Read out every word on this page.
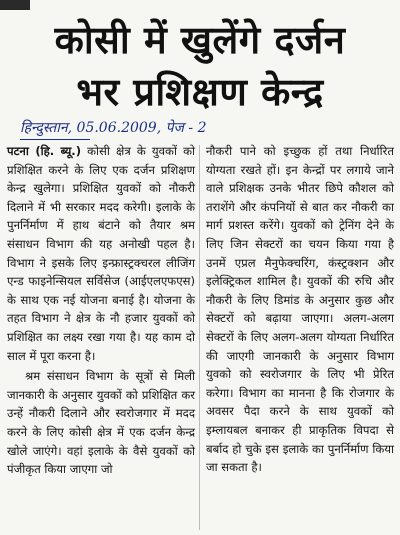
कोसी में खुलेंगे दर्जन
भर प्रशिक्षण केन्द्र
हिन्दुस्तान, 05.06.2009, पेज - 2

पटना (हि. ब्यू.) कोसी क्षेत्र के युवकों को प्रशिक्षित करने के लिए एक दर्जन प्रशिक्षण केन्द्र खुलेगा। प्रशिक्षित युवकों को नौकरी दिलाने में भी सरकार मदद करेगी। इलाके के पुनर्निर्माण में हाथ बंटाने को तैयार श्रम संसाधन विभाग की यह अनोखी पहल है। विभाग ने इसके लिए इन्फ्रास्ट्रक्चरल लीजिंग एन्ड फाइनेन्सियल सर्विसेज (आईएलएफएस) के साथ एक नई योजना बनाई है। योजना के तहत विभाग ने क्षेत्र के नौ हजार युवकों को प्रशिक्षित का लक्ष्य रखा गया है। यह काम दो साल में पूरा करना है।

श्रम संसाधन विभाग के सूत्रों से मिली जानकारी के अनुसार युवकों को प्रशिक्षित कर उन्हें नौकरी दिलाने और स्वरोजगार में मदद करने के लिए कोसी क्षेत्र में एक दर्जन केन्द्र खोले जाएंगे। वहां इलाके के वैसे युवकों को पंजीकृत किया जाएगा जो

नौकरी पाने को इच्छुक हों तथा निर्धारित योग्यता रखते हों। इन केन्द्रों पर लगाये जाने वाले प्रशिक्षक उनके भीतर छिपे कौशल को तराशेंगे और कंपनियों से बात कर नौकरी का मार्ग प्रशस्त करेंगे। युवकों को ट्रेनिंग देने के लिए जिन सेक्टरों का चयन किया गया है उनमें एप्रल मैनुफेक्चरिंग, कंस्ट्रक्शन और इलेक्ट्रिकल शामिल है। युवकों की रुचि और नौकरी के लिए डिमांड के अनुसार कुछ और सेक्टरों को बढ़ाया जाएगा। अलग-अलग सेक्टरों के लिए अलग-अलग योग्यता निर्धारित की जाएगी जानकारी के अनुसार विभाग युवको को स्वरोजगार के लिए भी प्रेरित करेगा। विभाग का मानना है कि रोजगार के अवसर पैदा करने के साथ युवकों को इम्लायबल बनाकर ही प्राकृतिक विपदा से बर्बाद हो चुके इस इलाके का पुनर्निर्माण किया जा सकता है।
